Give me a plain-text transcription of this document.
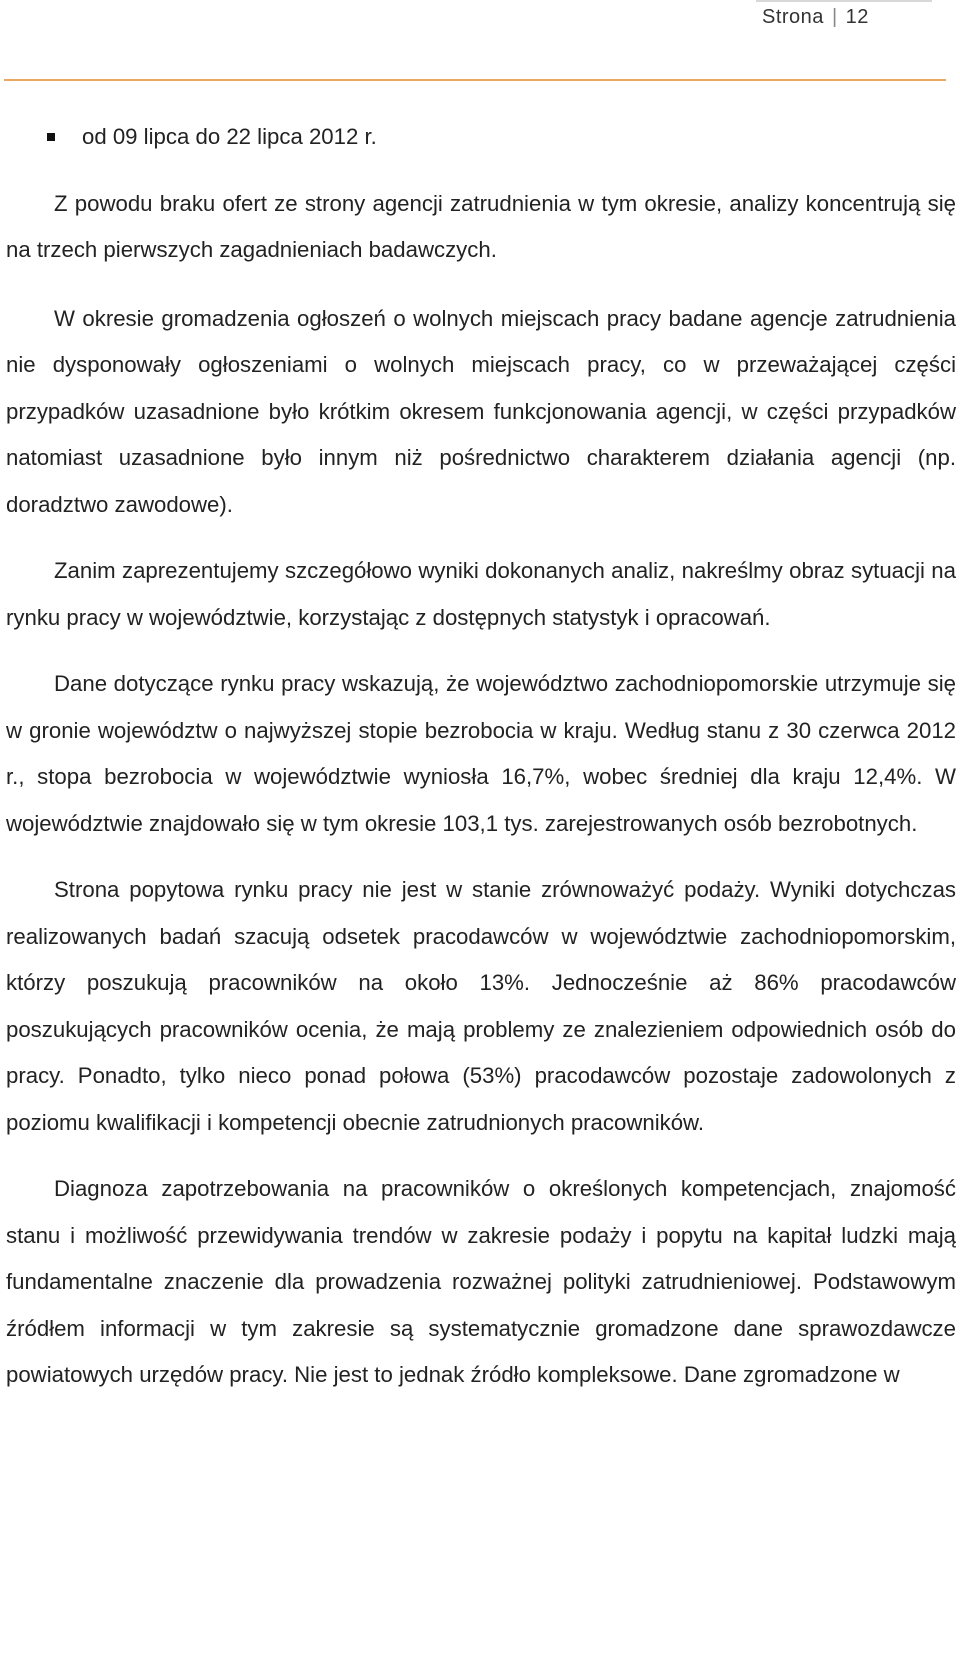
Strona | 12
od 09 lipca do 22 lipca 2012 r.

Z powodu braku ofert ze strony agencji zatrudnienia w tym okresie, analizy koncentrują się na trzech pierwszych zagadnieniach badawczych.

W okresie gromadzenia ogłoszeń o wolnych miejscach pracy badane agencje zatrudnienia nie dysponowały ogłoszeniami o wolnych miejscach pracy, co w przeważającej części przypadków uzasadnione było krótkim okresem funkcjonowania agencji, w części przypadków natomiast uzasadnione było innym niż pośrednictwo charakterem działania agencji (np. doradztwo zawodowe).

Zanim zaprezentujemy szczegółowo wyniki dokonanych analiz, nakreślmy obraz sytuacji na rynku pracy w województwie, korzystając z dostępnych statystyk i opracowań.

Dane dotyczące rynku pracy wskazują, że województwo zachodniopomorskie utrzymuje się w gronie województw o najwyższej stopie bezrobocia w kraju. Według stanu z 30 czerwca 2012 r., stopa bezrobocia w województwie wyniosła 16,7%, wobec średniej dla kraju 12,4%. W województwie znajdowało się w tym okresie 103,1 tys. zarejestrowanych osób bezrobotnych.

Strona popytowa rynku pracy nie jest w stanie zrównoważyć podaży. Wyniki dotychczas realizowanych badań szacują odsetek pracodawców w województwie zachodniopomorskim, którzy poszukują pracowników na około 13%. Jednocześnie aż 86% pracodawców poszukujących pracowników ocenia, że mają problemy ze znalezieniem odpowiednich osób do pracy. Ponadto, tylko nieco ponad połowa (53%) pracodawców pozostaje zadowolonych z poziomu kwalifikacji i kompetencji obecnie zatrudnionych pracowników.

Diagnoza zapotrzebowania na pracowników o określonych kompetencjach, znajomość stanu i możliwość przewidywania trendów w zakresie podaży i popytu na kapitał ludzki mają fundamentalne znaczenie dla prowadzenia rozważnej polityki zatrudnieniowej. Podstawowym źródłem informacji w tym zakresie są systematycznie gromadzone dane sprawozdawcze powiatowych urzędów pracy. Nie jest to jednak źródło kompleksowe. Dane zgromadzone w
